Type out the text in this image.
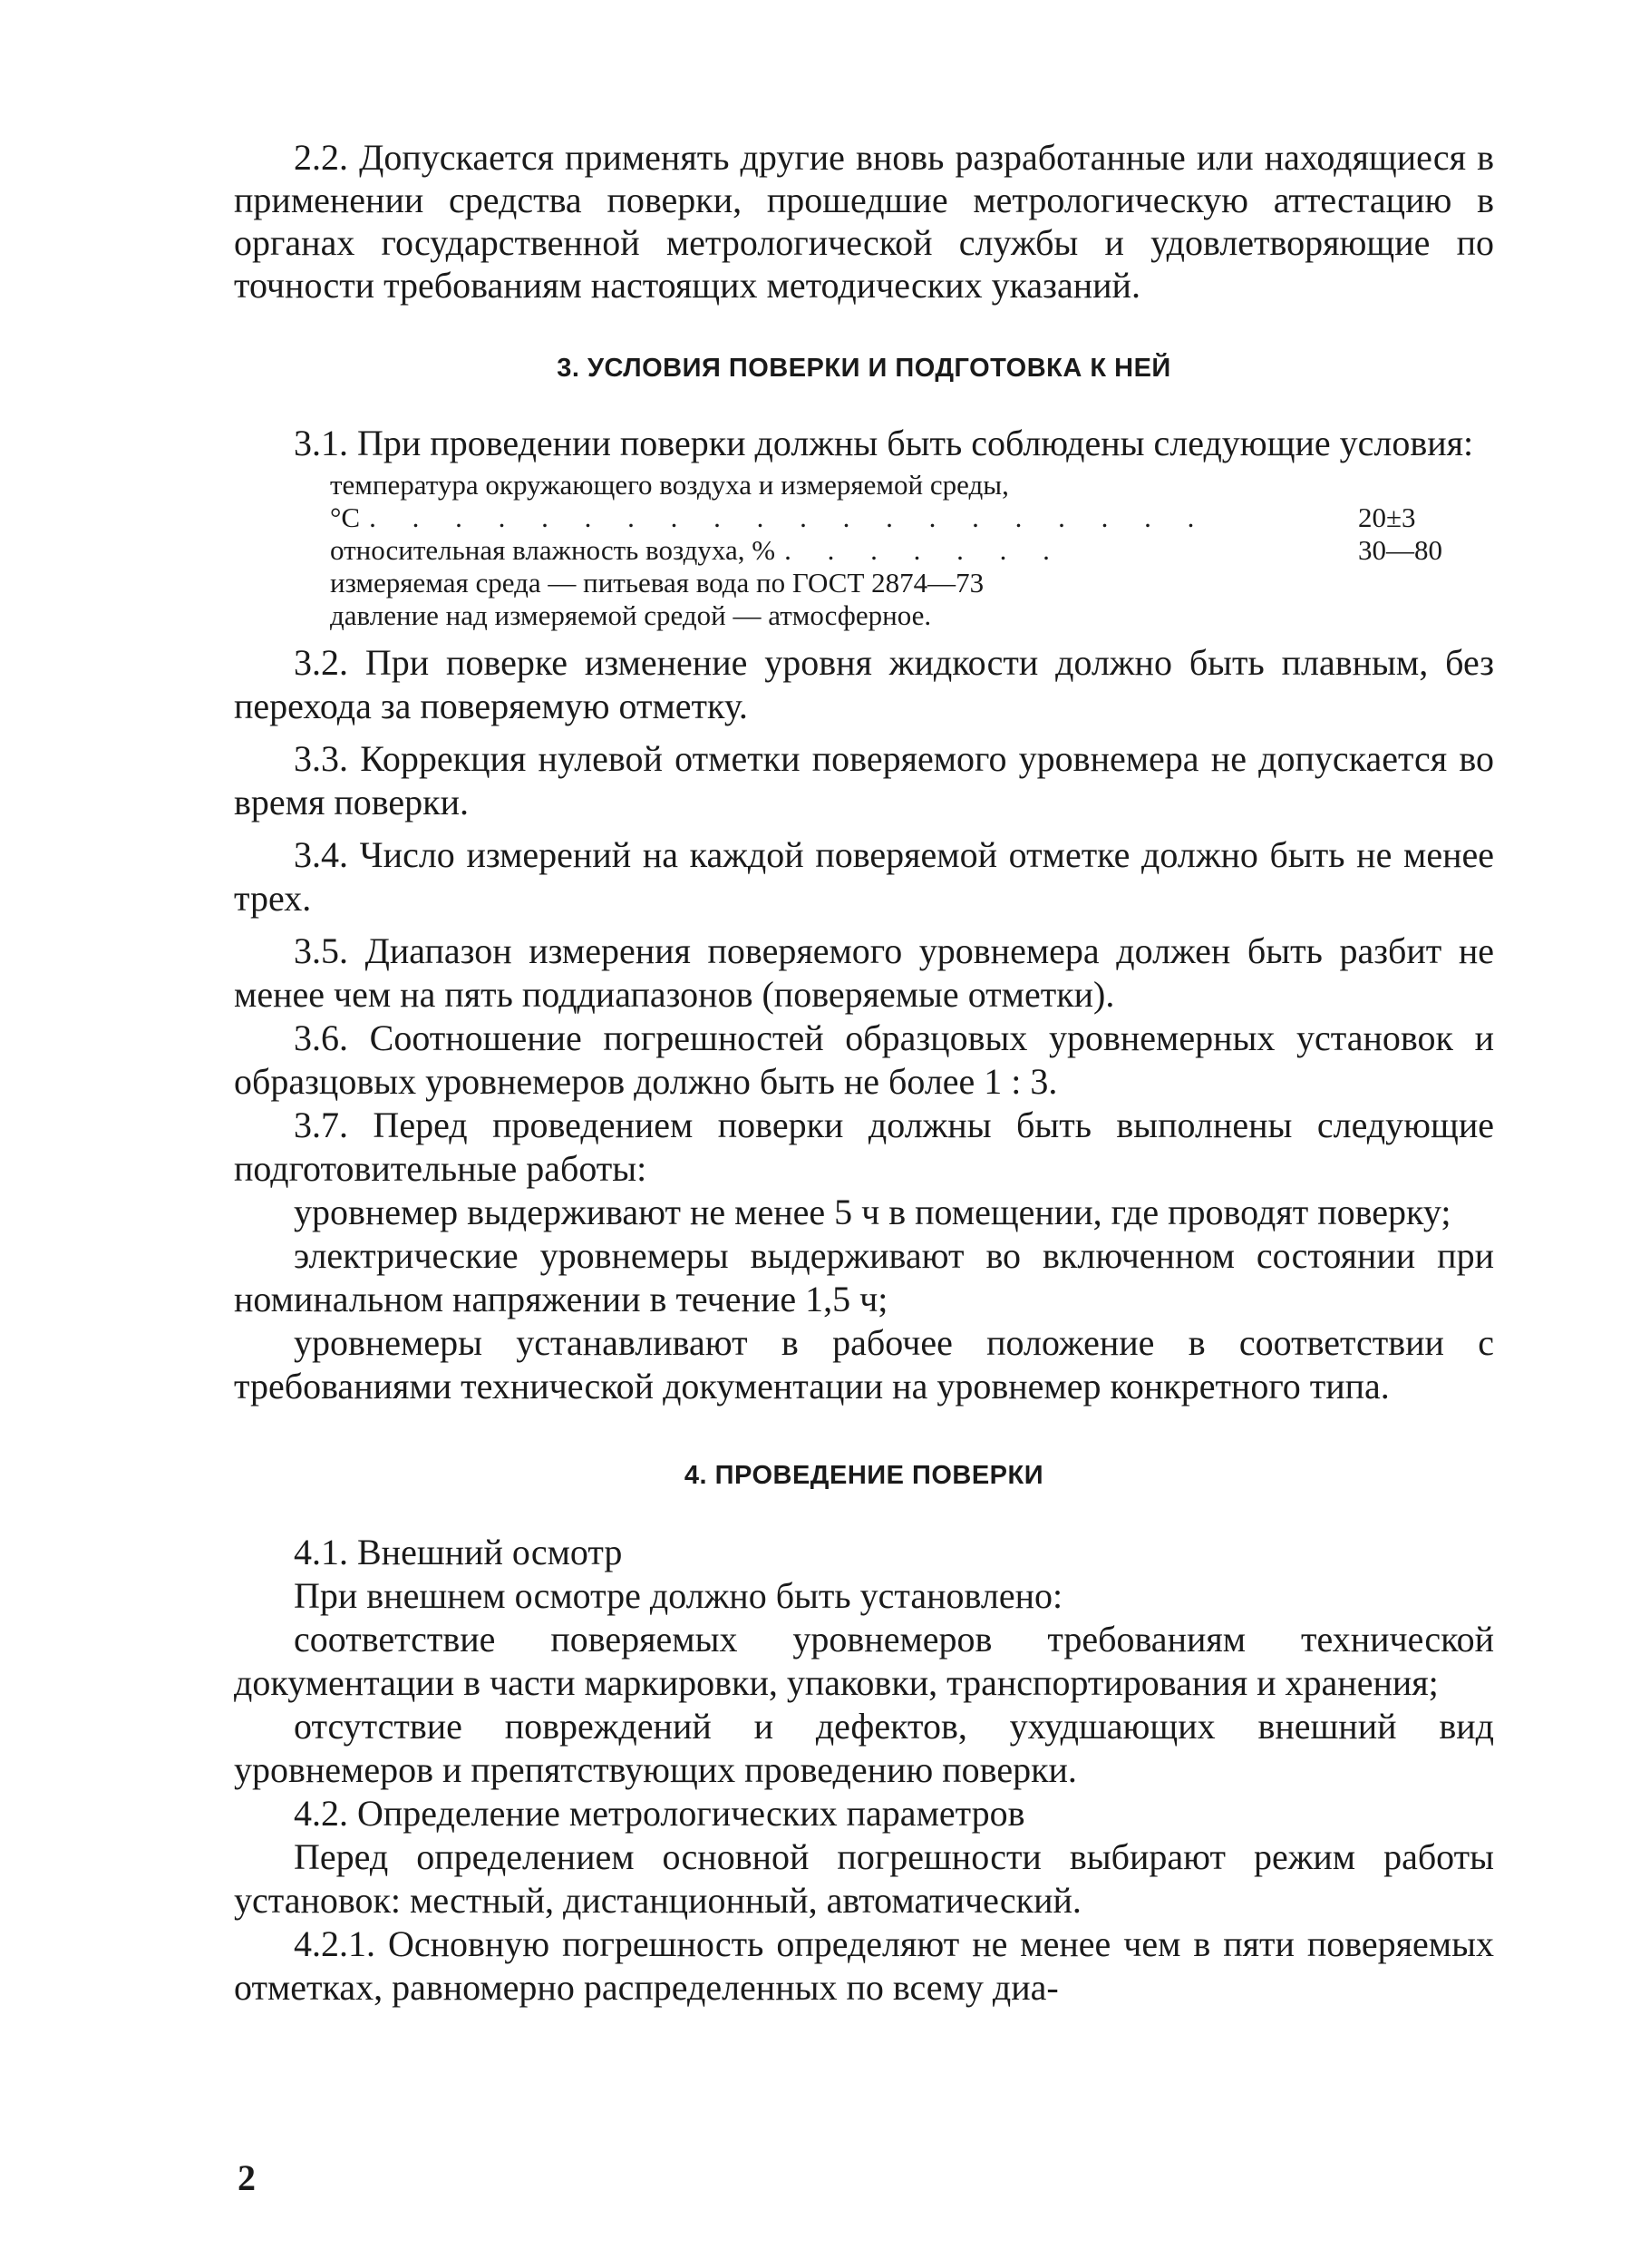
2.2. Допускается применять другие вновь разработанные или находящиеся в применении средства поверки, прошедшие метрологическую аттестацию в органах государственной метрологической службы и удовлетворяющие по точности требованиям настоящих методических указаний.

3. УСЛОВИЯ ПОВЕРКИ И ПОДГОТОВКА К НЕЙ

3.1. При проведении поверки должны быть соблюдены следующие условия:

температура окружающего воздуха и измеряемой среды,

°C . . . . . . . . . . . . . . . . . . . .	20±3
относительная влажность воздуха, % . . . . . . .	30—80

измеряемая среда — питьевая вода по ГОСТ 2874—73

давление над измеряемой средой — атмосферное.

3.2. При поверке изменение уровня жидкости должно быть плавным, без перехода за поверяемую отметку.

3.3. Коррекция нулевой отметки поверяемого уровнемера не допускается во время поверки.

3.4. Число измерений на каждой поверяемой отметке должно быть не менее трех.

3.5. Диапазон измерения поверяемого уровнемера должен быть разбит не менее чем на пять поддиапазонов (поверяемые отметки).

3.6. Соотношение погрешностей образцовых уровнемерных установок и образцовых уровнемеров должно быть не более 1 : 3.

3.7. Перед проведением поверки должны быть выполнены следующие подготовительные работы:

уровнемер выдерживают не менее 5 ч в помещении, где проводят поверку;

электрические уровнемеры выдерживают во включенном состоянии при номинальном напряжении в течение 1,5 ч;

уровнемеры устанавливают в рабочее положение в соответствии с требованиями технической документации на уровнемер конкретного типа.

4. ПРОВЕДЕНИЕ ПОВЕРКИ

4.1. Внешний осмотр

При внешнем осмотре должно быть установлено:

соответствие поверяемых уровнемеров требованиям технической документации в части маркировки, упаковки, транспортирования и хранения;

отсутствие повреждений и дефектов, ухудшающих внешний вид уровнемеров и препятствующих проведению поверки.

4.2. Определение метрологических параметров

Перед определением основной погрешности выбирают режим работы установок: местный, дистанционный, автоматический.

4.2.1. Основную погрешность определяют не менее чем в пяти поверяемых отметках, равномерно распределенных по всему диа-

2
